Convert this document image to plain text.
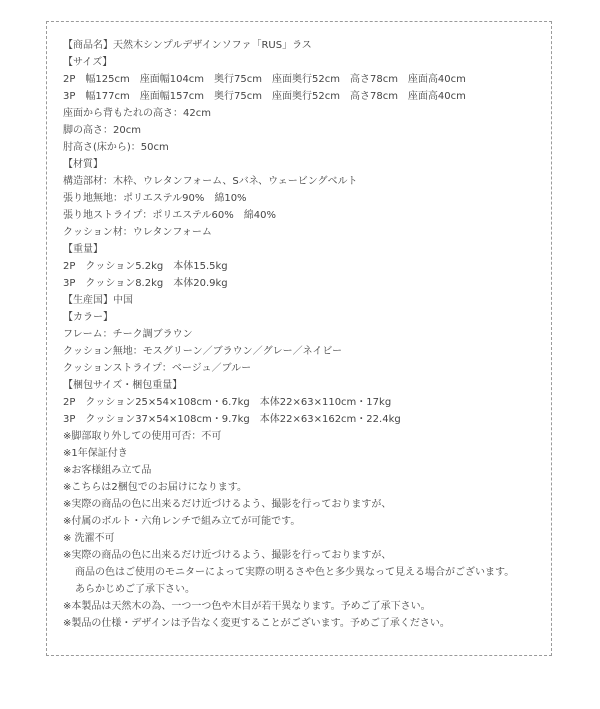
【商品名】天然木シンプルデザインソファ「RUS」ラス
【サイズ】
2P　幅125cm　座面幅104cm　奥行75cm　座面奥行52cm　高さ78cm　座面高40cm
3P　幅177cm　座面幅157cm　奥行75cm　座面奥行52cm　高さ78cm　座面高40cm
座面から背もたれの高さ：42cm
脚の高さ：20cm
肘高さ(床から)：50cm
【材質】
構造部材：木枠、ウレタンフォーム、Sバネ、ウェービングベルト
張り地無地：ポリエステル90%　綿10%
張り地ストライプ：ポリエステル60%　綿40%
クッション材：ウレタンフォーム
【重量】
2P　クッション5.2kg　本体15.5kg
3P　クッション8.2kg　本体20.9kg
【生産国】中国
【カラー】
フレーム：チーク調ブラウン
クッション無地：モスグリーン／ブラウン／グレー／ネイビー
クッションストライプ：ベージュ／ブルー
【梱包サイズ・梱包重量】
2P　クッション25×54×108cm・6.7kg　本体22×63×110cm・17kg
3P　クッション37×54×108cm・9.7kg　本体22×63×162cm・22.4kg
※脚部取り外しての使用可否：不可
※1年保証付き
※お客様組み立て品
※こちらは2梱包でのお届けになります。
※実際の商品の色に出来るだけ近づけるよう、撮影を行っておりますが、
※付属のボルト・六角レンチで組み立てが可能です。
※ 洗濯不可
※実際の商品の色に出来るだけ近づけるよう、撮影を行っておりますが、
商品の色はご使用のモニターによって実際の明るさや色と多少異なって見える場合がございます。
あらかじめご了承下さい。
※本製品は天然木の為、一つ一つ色や木目が若干異なります。予めご了承下さい。
※製品の仕様・デザインは予告なく変更することがございます。予めご了承ください。
